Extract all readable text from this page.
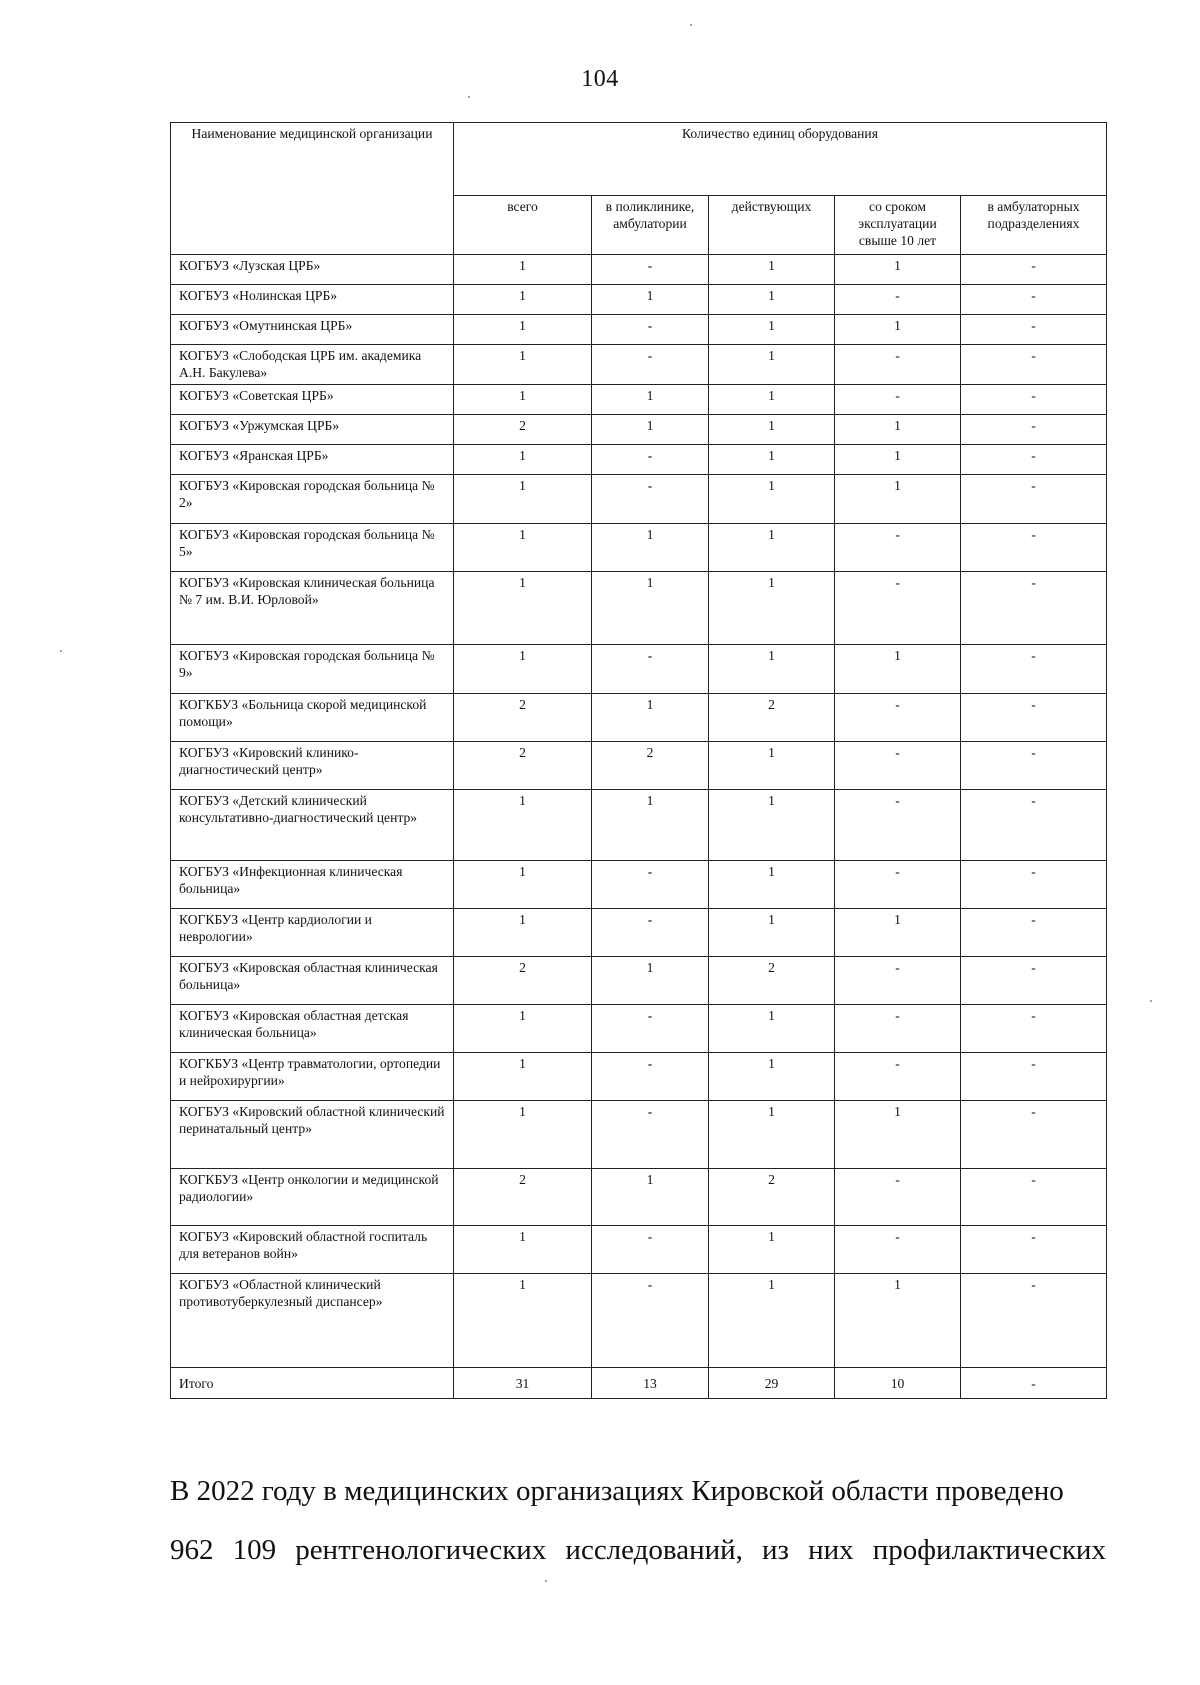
104
Наименование медицинской организации	Количество единиц оборудования				
	всего	в поликлинике, амбулатории	действующих	со сроком эксплуатации свыше 10 лет	в амбулаторных подразделениях
КОГБУЗ «Лузская ЦРБ»	1	-	1	1	-
КОГБУЗ «Нолинская ЦРБ»	1	1	1	-	-
КОГБУЗ «Омутнинская ЦРБ»	1	-	1	1	-
КОГБУЗ «Слободская ЦРБ им. академика А.Н. Бакулева»	1	-	1	-	-
КОГБУЗ «Советская ЦРБ»	1	1	1	-	-
КОГБУЗ «Уржумская ЦРБ»	2	1	1	1	-
КОГБУЗ «Яранская ЦРБ»	1	-	1	1	-
КОГБУЗ «Кировская городская больница № 2»	1	-	1	1	-
КОГБУЗ «Кировская городская больница № 5»	1	1	1	-	-
КОГБУЗ «Кировская клиническая больница № 7 им. В.И. Юрловой»	1	1	1	-	-
КОГБУЗ «Кировская городская больница № 9»	1	-	1	1	-
КОГКБУЗ «Больница скорой медицинской помощи»	2	1	2	-	-
КОГБУЗ «Кировский клинико-диагностический центр»	2	2	1	-	-
КОГБУЗ «Детский клинический консультативно-диагностический центр»	1	1	1	-	-
КОГБУЗ «Инфекционная клиническая больница»	1	-	1	-	-
КОГКБУЗ «Центр кардиологии и неврологии»	1	-	1	1	-
КОГБУЗ «Кировская областная клиническая больница»	2	1	2	-	-
КОГБУЗ «Кировская областная детская клиническая больница»	1	-	1	-	-
КОГКБУЗ «Центр травматологии, ортопедии и нейрохирургии»	1	-	1	-	-
КОГБУЗ «Кировский областной клинический перинатальный центр»	1	-	1	1	-
КОГКБУЗ «Центр онкологии и медицинской радиологии»	2	1	2	-	-
КОГБУЗ «Кировский областной госпиталь для ветеранов войн»	1	-	1	-	-
КОГБУЗ «Областной клинический противотуберкулезный диспансер»	1	-	1	1	-
Итого	31	13	29	10	-
В 2022 году в медицинских организациях Кировской области проведено
962 109 рентгенологических исследований, из них профилактических
